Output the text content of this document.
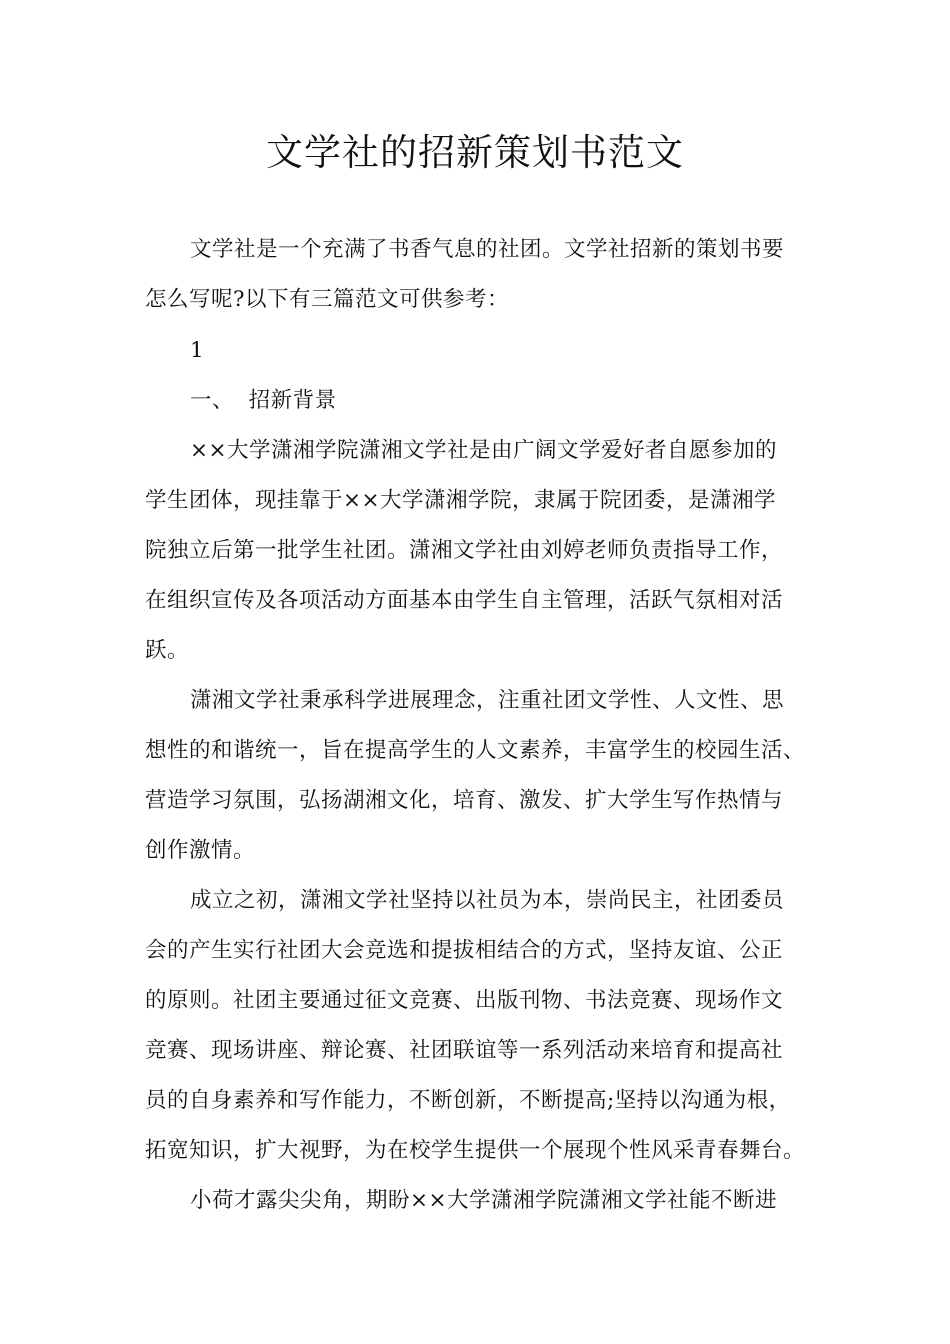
文学社的招新策划书范文
文学社是一个充满了书香气息的社团。文学社招新的策划书要
怎么写呢?以下有三篇范文可供参考：
1
一、  招新背景
××大学潇湘学院潇湘文学社是由广阔文学爱好者自愿参加的
学生团体，现挂靠于××大学潇湘学院，隶属于院团委，是潇湘学
院独立后第一批学生社团。潇湘文学社由刘婷老师负责指导工作，
在组织宣传及各项活动方面基本由学生自主管理，活跃气氛相对活
跃。
潇湘文学社秉承科学进展理念，注重社团文学性、人文性、思
想性的和谐统一，旨在提高学生的人文素养，丰富学生的校园生活、
营造学习氛围，弘扬湖湘文化，培育、激发、扩大学生写作热情与
创作激情。
成立之初，潇湘文学社坚持以社员为本，崇尚民主，社团委员
会的产生实行社团大会竞选和提拔相结合的方式，坚持友谊、公正
的原则。社团主要通过征文竞赛、出版刊物、书法竞赛、现场作文
竞赛、现场讲座、辩论赛、社团联谊等一系列活动来培育和提高社
员的自身素养和写作能力，不断创新，不断提高;坚持以沟通为根，
拓宽知识，扩大视野，为在校学生提供一个展现个性风采青春舞台。
小荷才露尖尖角，期盼××大学潇湘学院潇湘文学社能不断进
